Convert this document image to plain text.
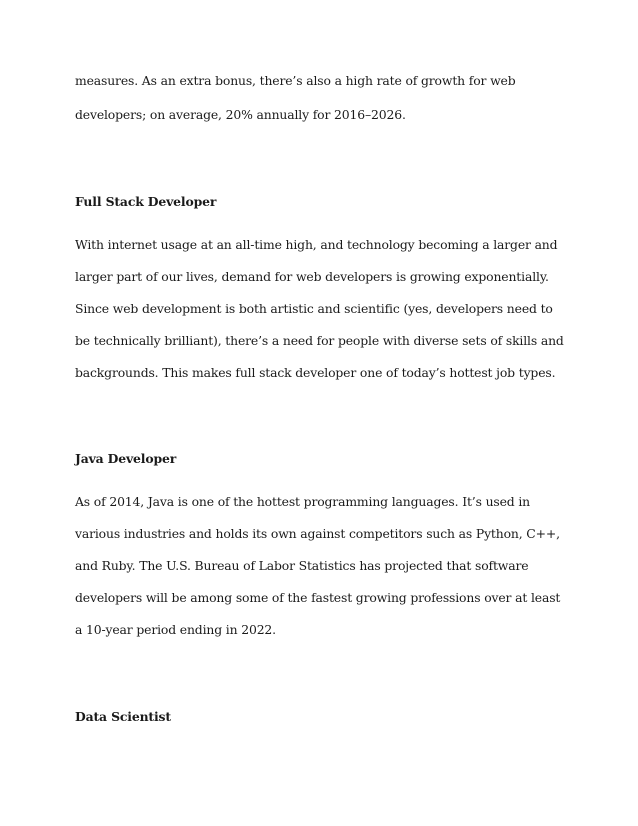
measures. As an extra bonus, there’s also a high rate of growth for web
developers; on average, 20% annually for 2016–2026.
Full Stack Developer
With internet usage at an all-time high, and technology becoming a larger and
larger part of our lives, demand for web developers is growing exponentially.
Since web development is both artistic and scientific (yes, developers need to
be technically brilliant), there’s a need for people with diverse sets of skills and
backgrounds. This makes full stack developer one of today’s hottest job types.
Java Developer
As of 2014, Java is one of the hottest programming languages. It’s used in
various industries and holds its own against competitors such as Python, C++,
and Ruby. The U.S. Bureau of Labor Statistics has projected that software
developers will be among some of the fastest growing professions over at least
a 10-year period ending in 2022.
Data Scientist
